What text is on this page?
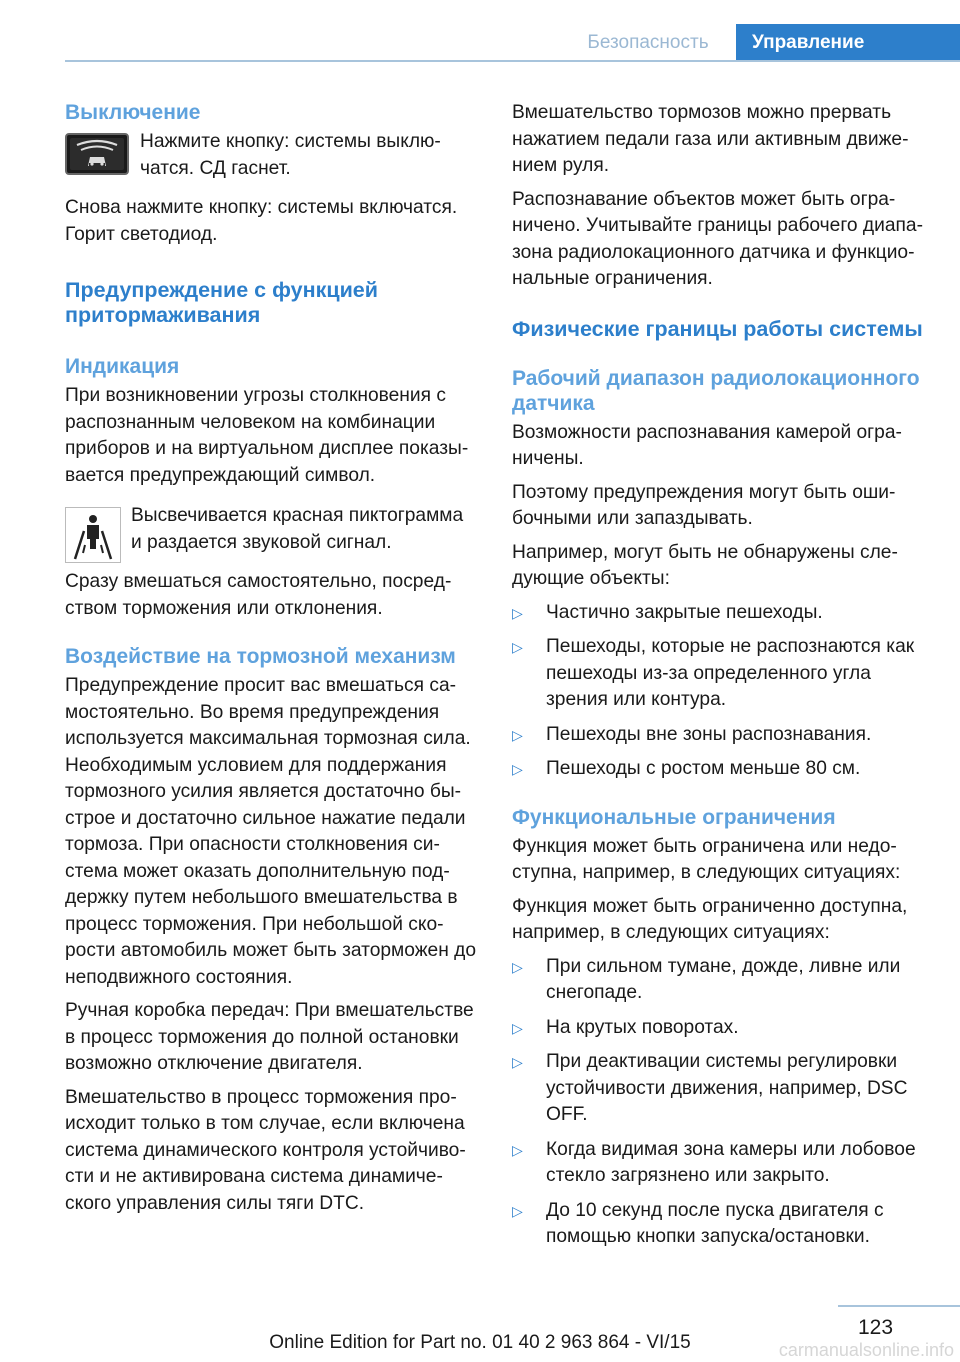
Безопасность	Управление
Выключение

Нажмите кнопку: системы выключатся. СД гаснет.

Снова нажмите кнопку: системы включатся. Горит светодиод.

Предупреждение с функцией притормаживания
Индикация

При возникновении угрозы столкновения с распознанным человеком на комбинации приборов и на виртуальном дисплее показывается предупреждающий символ.

Высвечивается красная пиктограмма и раздается звуковой сигнал.

Сразу вмешаться самостоятельно, посредством торможения или отклонения.

Воздействие на тормозной механизм

Предупреждение просит вас вмешаться самостоятельно. Во время предупреждения используется максимальная тормозная сила. Необходимым условием для поддержания тормозного усилия является достаточно быстрое и достаточно сильное нажатие педали тормоза. При опасности столкновения система может оказать дополнительную поддержку путем небольшого вмешательства в процесс торможения. При небольшой скорости автомобиль может быть заторможен до неподвижного состояния.

Ручная коробка передач: При вмешательстве в процесс торможения до полной остановки возможно отключение двигателя.

Вмешательство в процесс торможения происходит только в том случае, если включена система динамического контроля устойчивости и не активирована система динамического управления силы тяги DTC.

Вмешательство тормозов можно прервать нажатием педали газа или активным движением руля.

Распознавание объектов может быть ограничено. Учитывайте границы рабочего диапазона радиолокационного датчика и функциональные ограничения.

Физические границы работы системы
Рабочий диапазон радиолокационного датчика

Возможности распознавания камерой ограничены.

Поэтому предупреждения могут быть ошибочными или запаздывать.

Например, могут быть не обнаружены следующие объекты:

▷ Частично закрытые пешеходы.
▷ Пешеходы, которые не распознаются как пешеходы из-за определенного угла зрения или контура.
▷ Пешеходы вне зоны распознавания.
▷ Пешеходы с ростом меньше 80 см.
Функциональные ограничения

Функция может быть ограничена или недоступна, например, в следующих ситуациях:

Функция может быть ограниченно доступна, например, в следующих ситуациях:

▷ При сильном тумане, дожде, ливне или снегопаде.
▷ На крутых поворотах.
▷ При деактивации системы регулировки устойчивости движения, например, DSC OFF.
▷ Когда видимая зона камеры или лобовое стекло загрязнено или закрыто.
▷ До 10 секунд после пуска двигателя с помощью кнопки запуска/остановки.
123
Online Edition for Part no. 01 40 2 963 864 - VI/15	carmanualsonline.info
